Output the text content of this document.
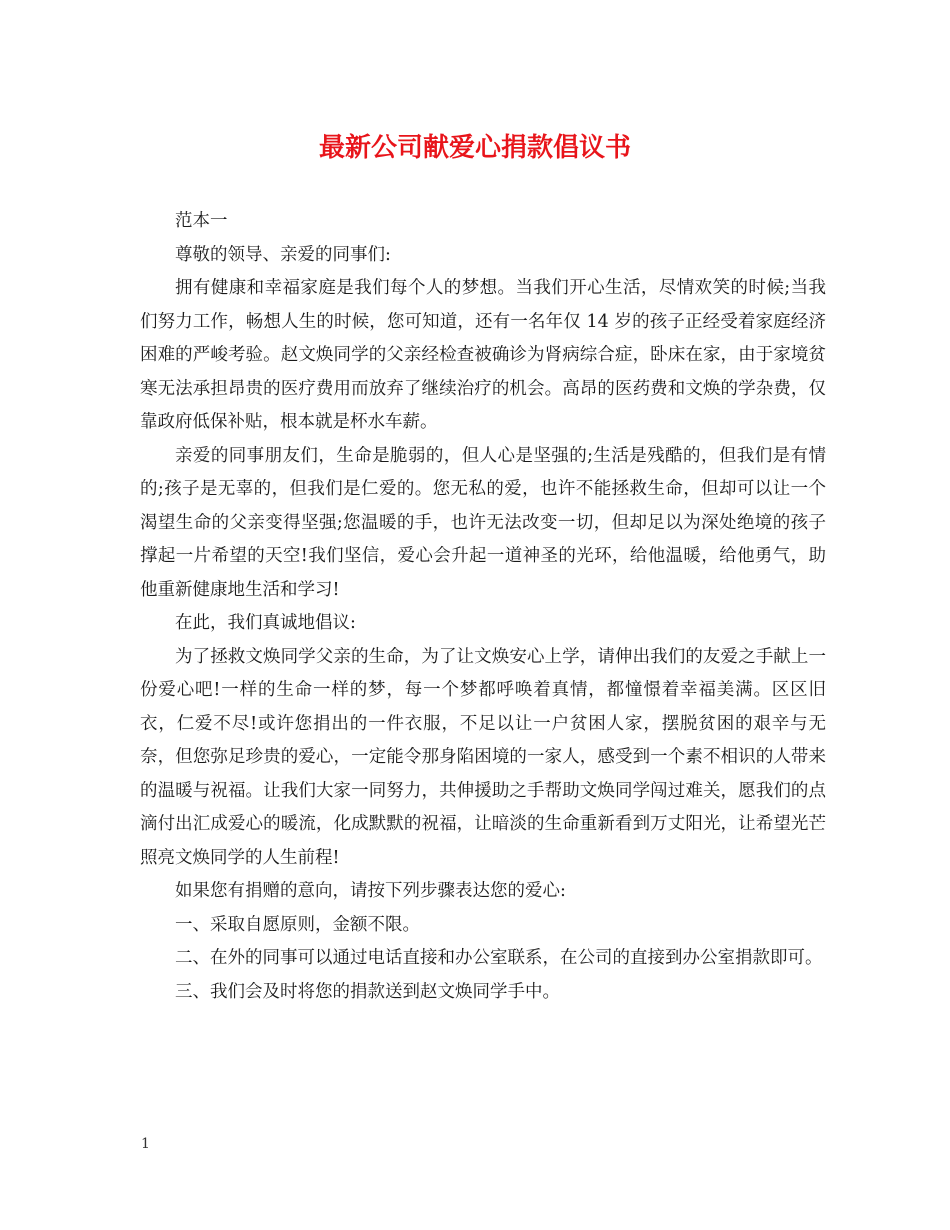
最新公司献爱心捐款倡议书

范本一

尊敬的领导、亲爱的同事们:

拥有健康和幸福家庭是我们每个人的梦想。当我们开心生活，尽情欢笑的时候;当我们努力工作，畅想人生的时候，您可知道，还有一名年仅 14 岁的孩子正经受着家庭经济困难的严峻考验。赵文焕同学的父亲经检查被确诊为肾病综合症，卧床在家，由于家境贫寒无法承担昂贵的医疗费用而放弃了继续治疗的机会。高昂的医药费和文焕的学杂费，仅靠政府低保补贴，根本就是杯水车薪。

亲爱的同事朋友们，生命是脆弱的，但人心是坚强的;生活是残酷的，但我们是有情的;孩子是无辜的，但我们是仁爱的。您无私的爱，也许不能拯救生命，但却可以让一个渴望生命的父亲变得坚强;您温暖的手，也许无法改变一切，但却足以为深处绝境的孩子撑起一片希望的天空!我们坚信，爱心会升起一道神圣的光环，给他温暖，给他勇气，助他重新健康地生活和学习!

在此，我们真诚地倡议:

为了拯救文焕同学父亲的生命，为了让文焕安心上学，请伸出我们的友爱之手献上一份爱心吧!一样的生命一样的梦，每一个梦都呼唤着真情，都憧憬着幸福美满。区区旧衣，仁爱不尽!或许您捐出的一件衣服，不足以让一户贫困人家，摆脱贫困的艰辛与无奈，但您弥足珍贵的爱心，一定能令那身陷困境的一家人，感受到一个素不相识的人带来的温暖与祝福。让我们大家一同努力，共伸援助之手帮助文焕同学闯过难关，愿我们的点滴付出汇成爱心的暖流，化成默默的祝福，让暗淡的生命重新看到万丈阳光，让希望光芒照亮文焕同学的人生前程!

如果您有捐赠的意向，请按下列步骤表达您的爱心:

一、采取自愿原则，金额不限。

二、在外的同事可以通过电话直接和办公室联系，在公司的直接到办公室捐款即可。

三、我们会及时将您的捐款送到赵文焕同学手中。

1
